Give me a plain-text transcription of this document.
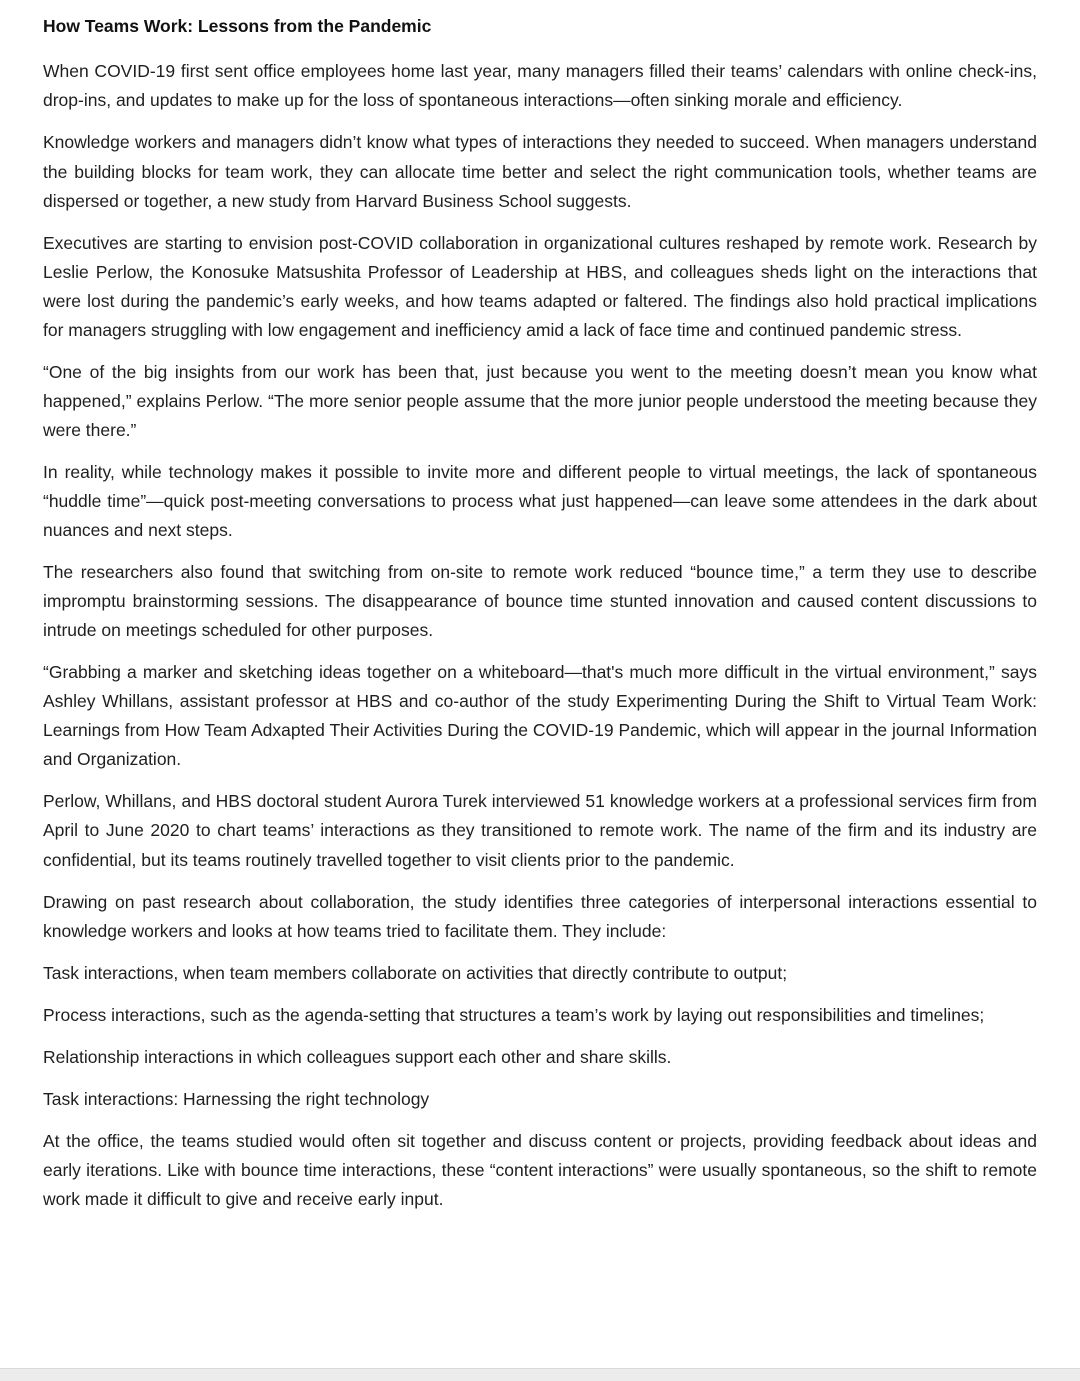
How Teams Work: Lessons from the Pandemic

When COVID-19 first sent office employees home last year, many managers filled their teams’ calendars with online check-ins, drop-ins, and updates to make up for the loss of spontaneous interactions—often sinking morale and efficiency.

Knowledge workers and managers didn’t know what types of interactions they needed to succeed. When managers understand the building blocks for team work, they can allocate time better and select the right communication tools, whether teams are dispersed or together, a new study from Harvard Business School suggests.

Executives are starting to envision post-COVID collaboration in organizational cultures reshaped by remote work. Research by Leslie Perlow, the Konosuke Matsushita Professor of Leadership at HBS, and colleagues sheds light on the interactions that were lost during the pandemic’s early weeks, and how teams adapted or faltered. The findings also hold practical implications for managers struggling with low engagement and inefficiency amid a lack of face time and continued pandemic stress.

“One of the big insights from our work has been that, just because you went to the meeting doesn’t mean you know what happened,” explains Perlow. “The more senior people assume that the more junior people understood the meeting because they were there.”

In reality, while technology makes it possible to invite more and different people to virtual meetings, the lack of spontaneous “huddle time”—quick post-meeting conversations to process what just happened—can leave some attendees in the dark about nuances and next steps.

The researchers also found that switching from on-site to remote work reduced “bounce time,” a term they use to describe impromptu brainstorming sessions. The disappearance of bounce time stunted innovation and caused content discussions to intrude on meetings scheduled for other purposes.

“Grabbing a marker and sketching ideas together on a whiteboard—that's much more difficult in the virtual environment,” says Ashley Whillans, assistant professor at HBS and co-author of the study Experimenting During the Shift to Virtual Team Work: Learnings from How Team Adxapted Their Activities During the COVID-19 Pandemic, which will appear in the journal Information and Organization.

Perlow, Whillans, and HBS doctoral student Aurora Turek interviewed 51 knowledge workers at a professional services firm from April to June 2020 to chart teams’ interactions as they transitioned to remote work. The name of the firm and its industry are confidential, but its teams routinely travelled together to visit clients prior to the pandemic.

Drawing on past research about collaboration, the study identifies three categories of interpersonal interactions essential to knowledge workers and looks at how teams tried to facilitate them. They include:

Task interactions, when team members collaborate on activities that directly contribute to output;

Process interactions, such as the agenda-setting that structures a team’s work by laying out responsibilities and timelines;

Relationship interactions in which colleagues support each other and share skills.

Task interactions: Harnessing the right technology

At the office, the teams studied would often sit together and discuss content or projects, providing feedback about ideas and early iterations. Like with bounce time interactions, these “content interactions” were usually spontaneous, so the shift to remote work made it difficult to give and receive early input.
